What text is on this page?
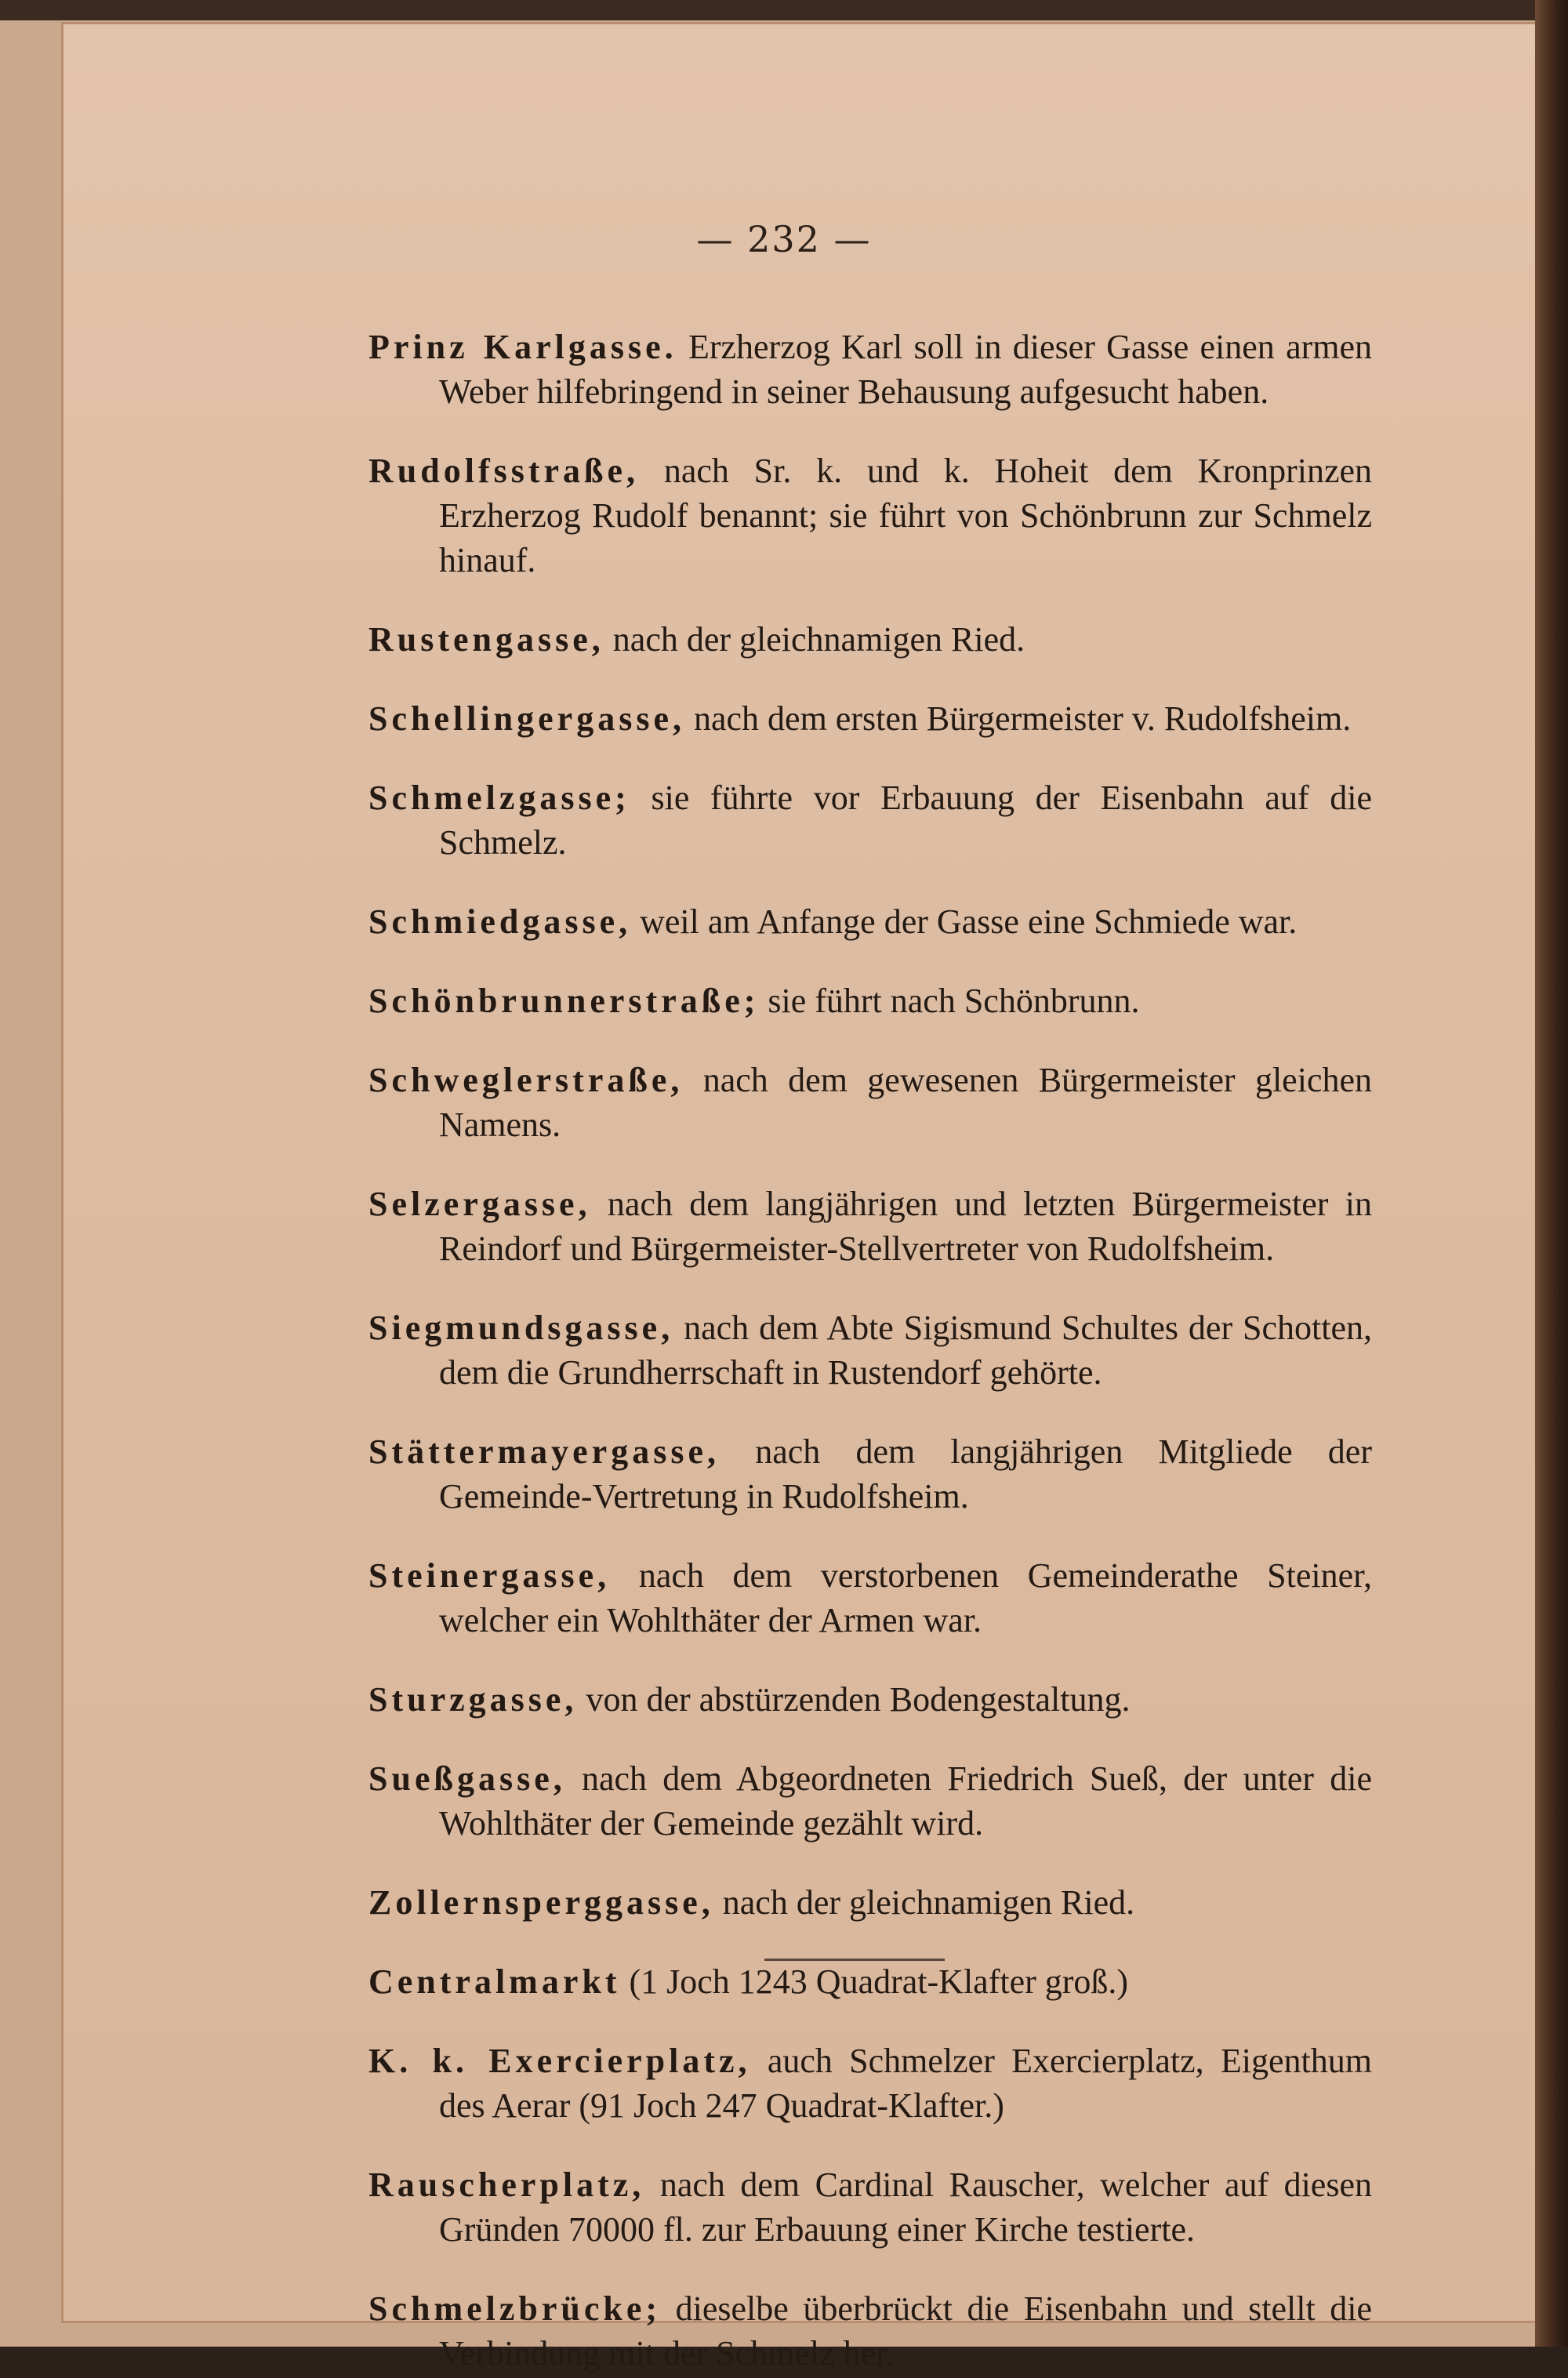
— 232 —

Prinz Karlgasse. Erzherzog Karl soll in dieser Gasse einen armen Weber hilfebringend in seiner Behausung aufgesucht haben.

Rudolfsstraße, nach Sr. k. und k. Hoheit dem Kronprinzen Erzherzog Rudolf benannt; sie führt von Schönbrunn zur Schmelz hinauf.

Rustengasse, nach der gleichnamigen Ried.

Schellingergasse, nach dem ersten Bürgermeister v. Rudolfsheim.

Schmelzgasse; sie führte vor Erbauung der Eisenbahn auf die Schmelz.

Schmiedgasse, weil am Anfange der Gasse eine Schmiede war.

Schönbrunnerstraße; sie führt nach Schönbrunn.

Schweglerstraße, nach dem gewesenen Bürgermeister gleichen Namens.

Selzergasse, nach dem langjährigen und letzten Bürgermeister in Reindorf und Bürgermeister-Stellvertreter von Rudolfsheim.

Siegmundsgasse, nach dem Abte Sigismund Schultes der Schotten, dem die Grundherrschaft in Rustendorf gehörte.

Stättermayergasse, nach dem langjährigen Mitgliede der Gemeinde-Vertretung in Rudolfsheim.

Steinergasse, nach dem verstorbenen Gemeinderathe Steiner, welcher ein Wohlthäter der Armen war.

Sturzgasse, von der abstürzenden Bodengestaltung.

Sueßgasse, nach dem Abgeordneten Friedrich Sueß, der unter die Wohlthäter der Gemeinde gezählt wird.

Zollernsperggasse, nach der gleichnamigen Ried.

Centralmarkt (1 Joch 1243 Quadrat-Klafter groß.)

K. k. Exercierplatz, auch Schmelzer Exercierplatz, Eigenthum des Aerar (91 Joch 247 Quadrat-Klafter.)

Rauscherplatz, nach dem Cardinal Rauscher, welcher auf diesen Gründen 70000 fl. zur Erbauung einer Kirche testierte.

Schmelzbrücke; dieselbe überbrückt die Eisenbahn und stellt die Verbindung mit der Schmelz her.
